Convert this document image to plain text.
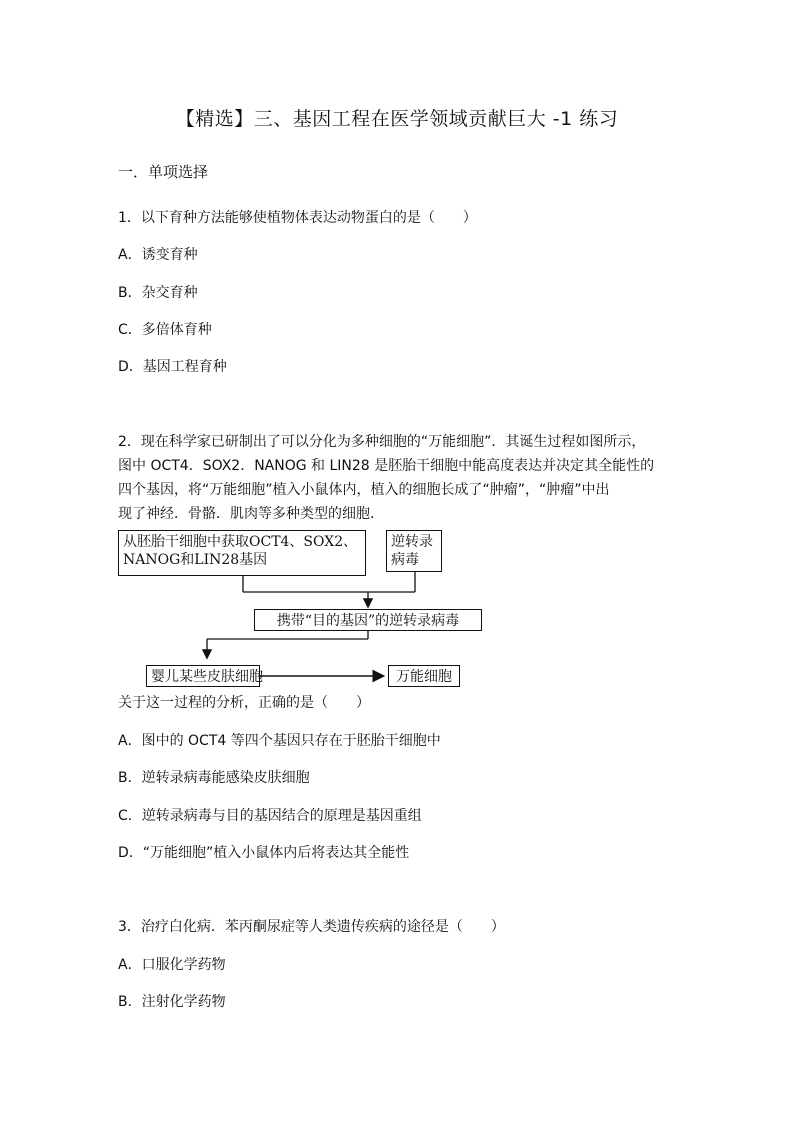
【精选】三、基因工程在医学领域贡献巨大 -1 练习
一．单项选择
1．以下育种方法能够使植物体表达动物蛋白的是（　　）
A．诱变育种
B．杂交育种
C．多倍体育种
D．基因工程育种
2．现在科学家已研制出了可以分化为多种细胞的“万能细胞”．其诞生过程如图所示，
图中 OCT4．SOX2．NANOG 和 LIN28 是胚胎干细胞中能高度表达并决定其全能性的
四个基因，将“万能细胞”植入小鼠体内，植入的细胞长成了“肿瘤”，“肿瘤”中出
现了神经．骨骼．肌肉等多种类型的细胞．
从胚胎干细胞中获取OCT4、SOX2、
NANOG和LIN28基因
逆转录
病毒
携带“目的基因”的逆转录病毒
婴儿某些皮肤细胞	万能细胞
关于这一过程的分析，正确的是（　　）
A．图中的 OCT4 等四个基因只存在于胚胎干细胞中
B．逆转录病毒能感染皮肤细胞
C．逆转录病毒与目的基因结合的原理是基因重组
D．“万能细胞”植入小鼠体内后将表达其全能性
3．治疗白化病．苯丙酮尿症等人类遗传疾病的途径是（　　）
A．口服化学药物
B．注射化学药物
